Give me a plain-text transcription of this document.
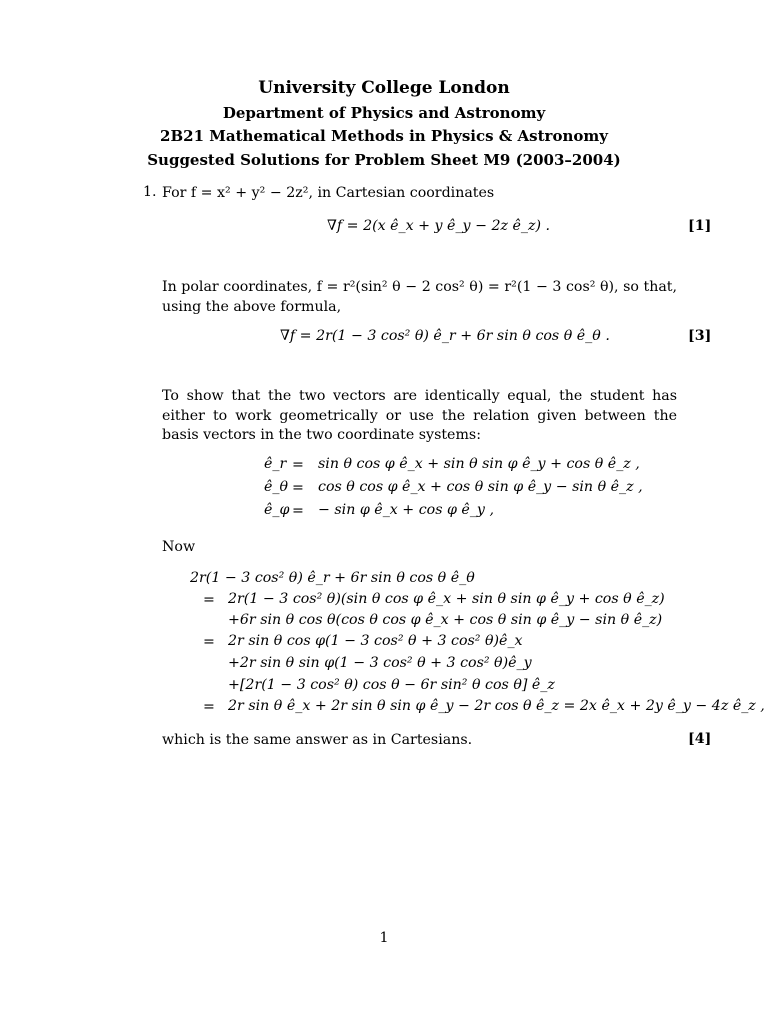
University College London
Department of Physics and Astronomy
2B21 Mathematical Methods in Physics & Astronomy
Suggested Solutions for Problem Sheet M9 (2003–2004)
1. For f = x² + y² − 2z², in Cartesian coordinates
∇f = 2(x ê_x + y ê_y − 2z ê_z) .	[1]
In polar coordinates, f = r²(sin² θ − 2 cos² θ) = r²(1 − 3 cos² θ), so that, using the above formula,
∇f = 2r(1 − 3 cos² θ) ê_r + 6r sin θ cos θ ê_θ .	[3]
To show that the two vectors are identically equal, the student has either to work geometrically or use the relation given between the basis vectors in the two coordinate systems:
ê_r = sin θ cos φ ê_x + sin θ sin φ ê_y + cos θ ê_z ,
ê_θ = cos θ cos φ ê_x + cos θ sin φ ê_y − sin θ ê_z ,
ê_φ = − sin φ ê_x + cos φ ê_y ,
Now
2r(1 − 3 cos² θ) ê_r + 6r sin θ cos θ ê_θ
= 2r(1 − 3 cos² θ)(sin θ cos φ ê_x + sin θ sin φ ê_y + cos θ ê_z)
+6r sin θ cos θ(cos θ cos φ ê_x + cos θ sin φ ê_y − sin θ ê_z)
= 2r sin θ cos φ(1 − 3 cos² θ + 3 cos² θ)ê_x
+2r sin θ sin φ(1 − 3 cos² θ + 3 cos² θ)ê_y
+[2r(1 − 3 cos² θ) cos θ − 6r sin² θ cos θ] ê_z
= 2r sin θ ê_x + 2r sin θ sin φ ê_y − 2r cos θ ê_z = 2x ê_x + 2y ê_y − 4z ê_z ,
which is the same answer as in Cartesians.	[4]
1
